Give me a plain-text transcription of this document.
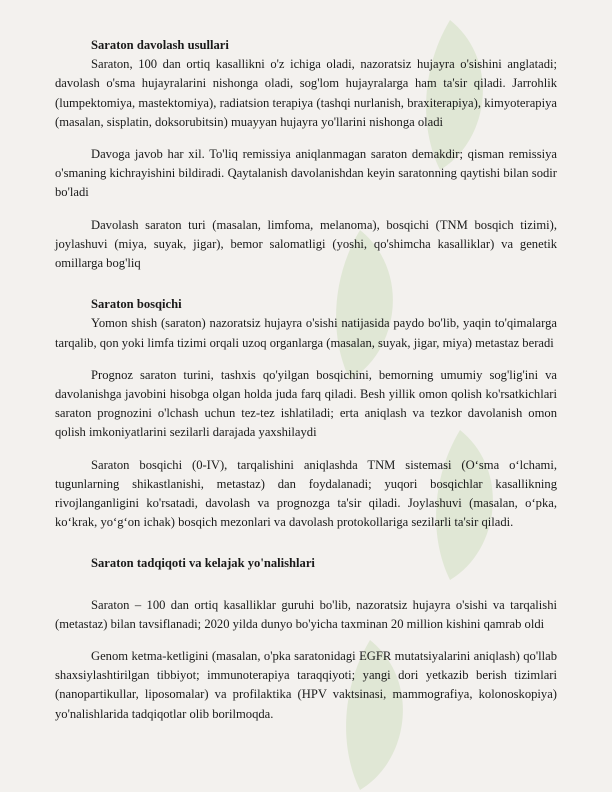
Saraton davolash usullari

Saraton, 100 dan ortiq kasallikni o'z ichiga oladi, nazoratsiz hujayra o'sishini anglatadi; davolash o'sma hujayralarini nishonga oladi, sog'lom hujayralarga ham ta'sir qiladi. Jarrohlik (lumpektomiya, mastektomiya), radiatsion terapiya (tashqi nurlanish, braxiterapiya), kimyoterapiya (masalan, sisplatin, doksorubitsin) muayyan hujayra yo'llarini nishonga oladi

Davoga javob har xil. To'liq remissiya aniqlanmagan saraton demakdir; qisman remissiya o'smaning kichrayishini bildiradi. Qaytalanish davolanishdan keyin saratonning qaytishi bilan sodir bo'ladi

Davolash saraton turi (masalan, limfoma, melanoma), bosqichi (TNM bosqich tizimi), joylashuvi (miya, suyak, jigar), bemor salomatligi (yoshi, qo'shimcha kasalliklar) va genetik omillarga bog'liq

Saraton bosqichi

Yomon shish (saraton) nazoratsiz hujayra o'sishi natijasida paydo bo'lib, yaqin to'qimalarga tarqalib, qon yoki limfa tizimi orqali uzoq organlarga (masalan, suyak, jigar, miya) metastaz beradi

Prognoz saraton turini, tashxis qo'yilgan bosqichini, bemorning umumiy sog'lig'ini va davolanishga javobini hisobga olgan holda juda farq qiladi. Besh yillik omon qolish ko'rsatkichlari saraton prognozini o'lchash uchun tez-tez ishlatiladi; erta aniqlash va tezkor davolanish omon qolish imkoniyatlarini sezilarli darajada yaxshilaydi

Saraton bosqichi (0-IV), tarqalishini aniqlashda TNM sistemasi (O‘sma o‘lchami, tugunlarning shikastlanishi, metastaz) dan foydalanadi; yuqori bosqichlar kasallikning rivojlanganligini ko'rsatadi, davolash va prognozga ta'sir qiladi. Joylashuvi (masalan, o‘pka, ko‘krak, yo‘g‘on ichak) bosqich mezonlari va davolash protokollariga sezilarli ta'sir qiladi.

Saraton tadqiqoti va kelajak yo'nalishlari

Saraton – 100 dan ortiq kasalliklar guruhi bo'lib, nazoratsiz hujayra o'sishi va tarqalishi (metastaz) bilan tavsiflanadi; 2020 yilda dunyo bo'yicha taxminan 20 million kishini qamrab oldi

Genom ketma-ketligini (masalan, o'pka saratonidagi EGFR mutatsiyalarini aniqlash) qo'llab shaxsiylashtirilgan tibbiyot; immunoterapiya taraqqiyoti; yangi dori yetkazib berish tizimlari (nanopartikullar, liposomalar) va profilaktika (HPV vaktsinasi, mammografiya, kolonoskopiya) yo'nalishlarida tadqiqotlar olib borilmoqda.
